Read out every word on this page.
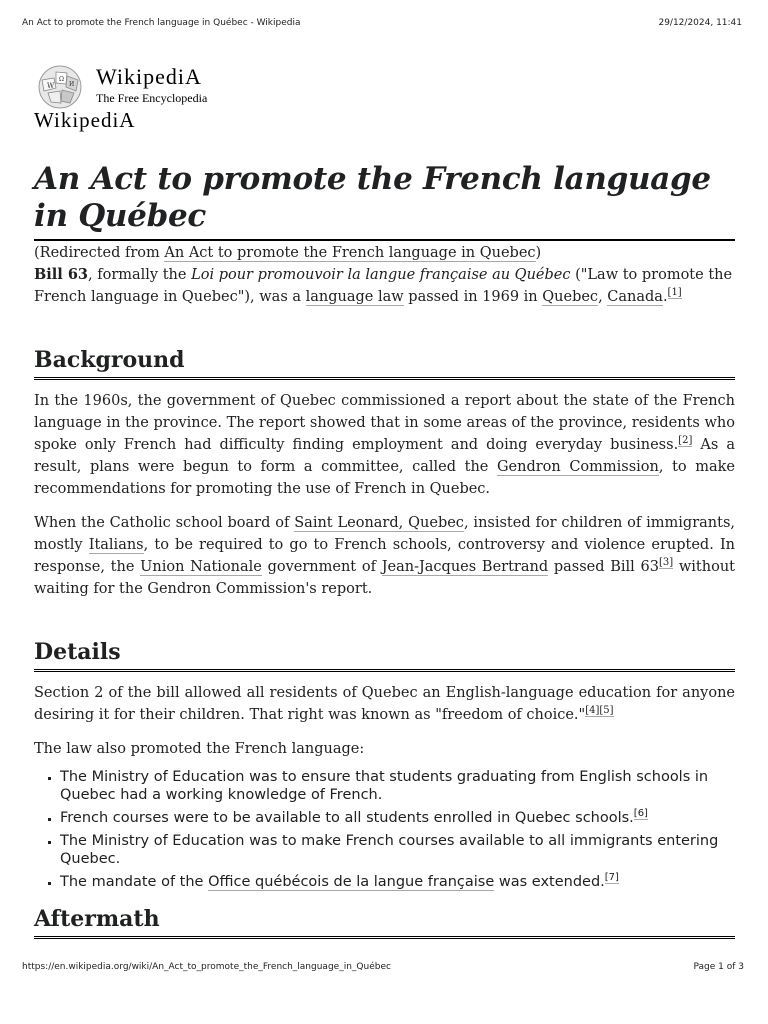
An Act to promote the French language in Québec - Wikipedia	29/12/2024, 11:41
W
Ω
И WikipediA
The Free Encyclopedia
WikipediA
An Act to promote the French language in Québec
(Redirected from An Act to promote the French language in Quebec)

Bill 63, formally the Loi pour promouvoir la langue française au Québec ("Law to promote the French language in Quebec"), was a language law passed in 1969 in Quebec, Canada.[1]

Background

In the 1960s, the government of Quebec commissioned a report about the state of the French language in the province. The report showed that in some areas of the province, residents who spoke only French had difficulty finding employment and doing everyday business.[2] As a result, plans were begun to form a committee, called the Gendron Commission, to make recommendations for promoting the use of French in Quebec.

When the Catholic school board of Saint Leonard, Quebec, insisted for children of immigrants, mostly Italians, to be required to go to French schools, controversy and violence erupted. In response, the Union Nationale government of Jean-Jacques Bertrand passed Bill 63[3] without waiting for the Gendron Commission's report.

Details

Section 2 of the bill allowed all residents of Quebec an English-language education for anyone desiring it for their children. That right was known as "freedom of choice."[4][5]

The law also promoted the French language:

▪ The Ministry of Education was to ensure that students graduating from English schools in Quebec had a working knowledge of French.
▪ French courses were to be available to all students enrolled in Quebec schools.[6]
▪ The Ministry of Education was to make French courses available to all immigrants entering Quebec.
▪ The mandate of the Office québécois de la langue française was extended.[7]
Aftermath
https://en.wikipedia.org/wiki/An_Act_to_promote_the_French_language_in_Québec	Page 1 of 3
